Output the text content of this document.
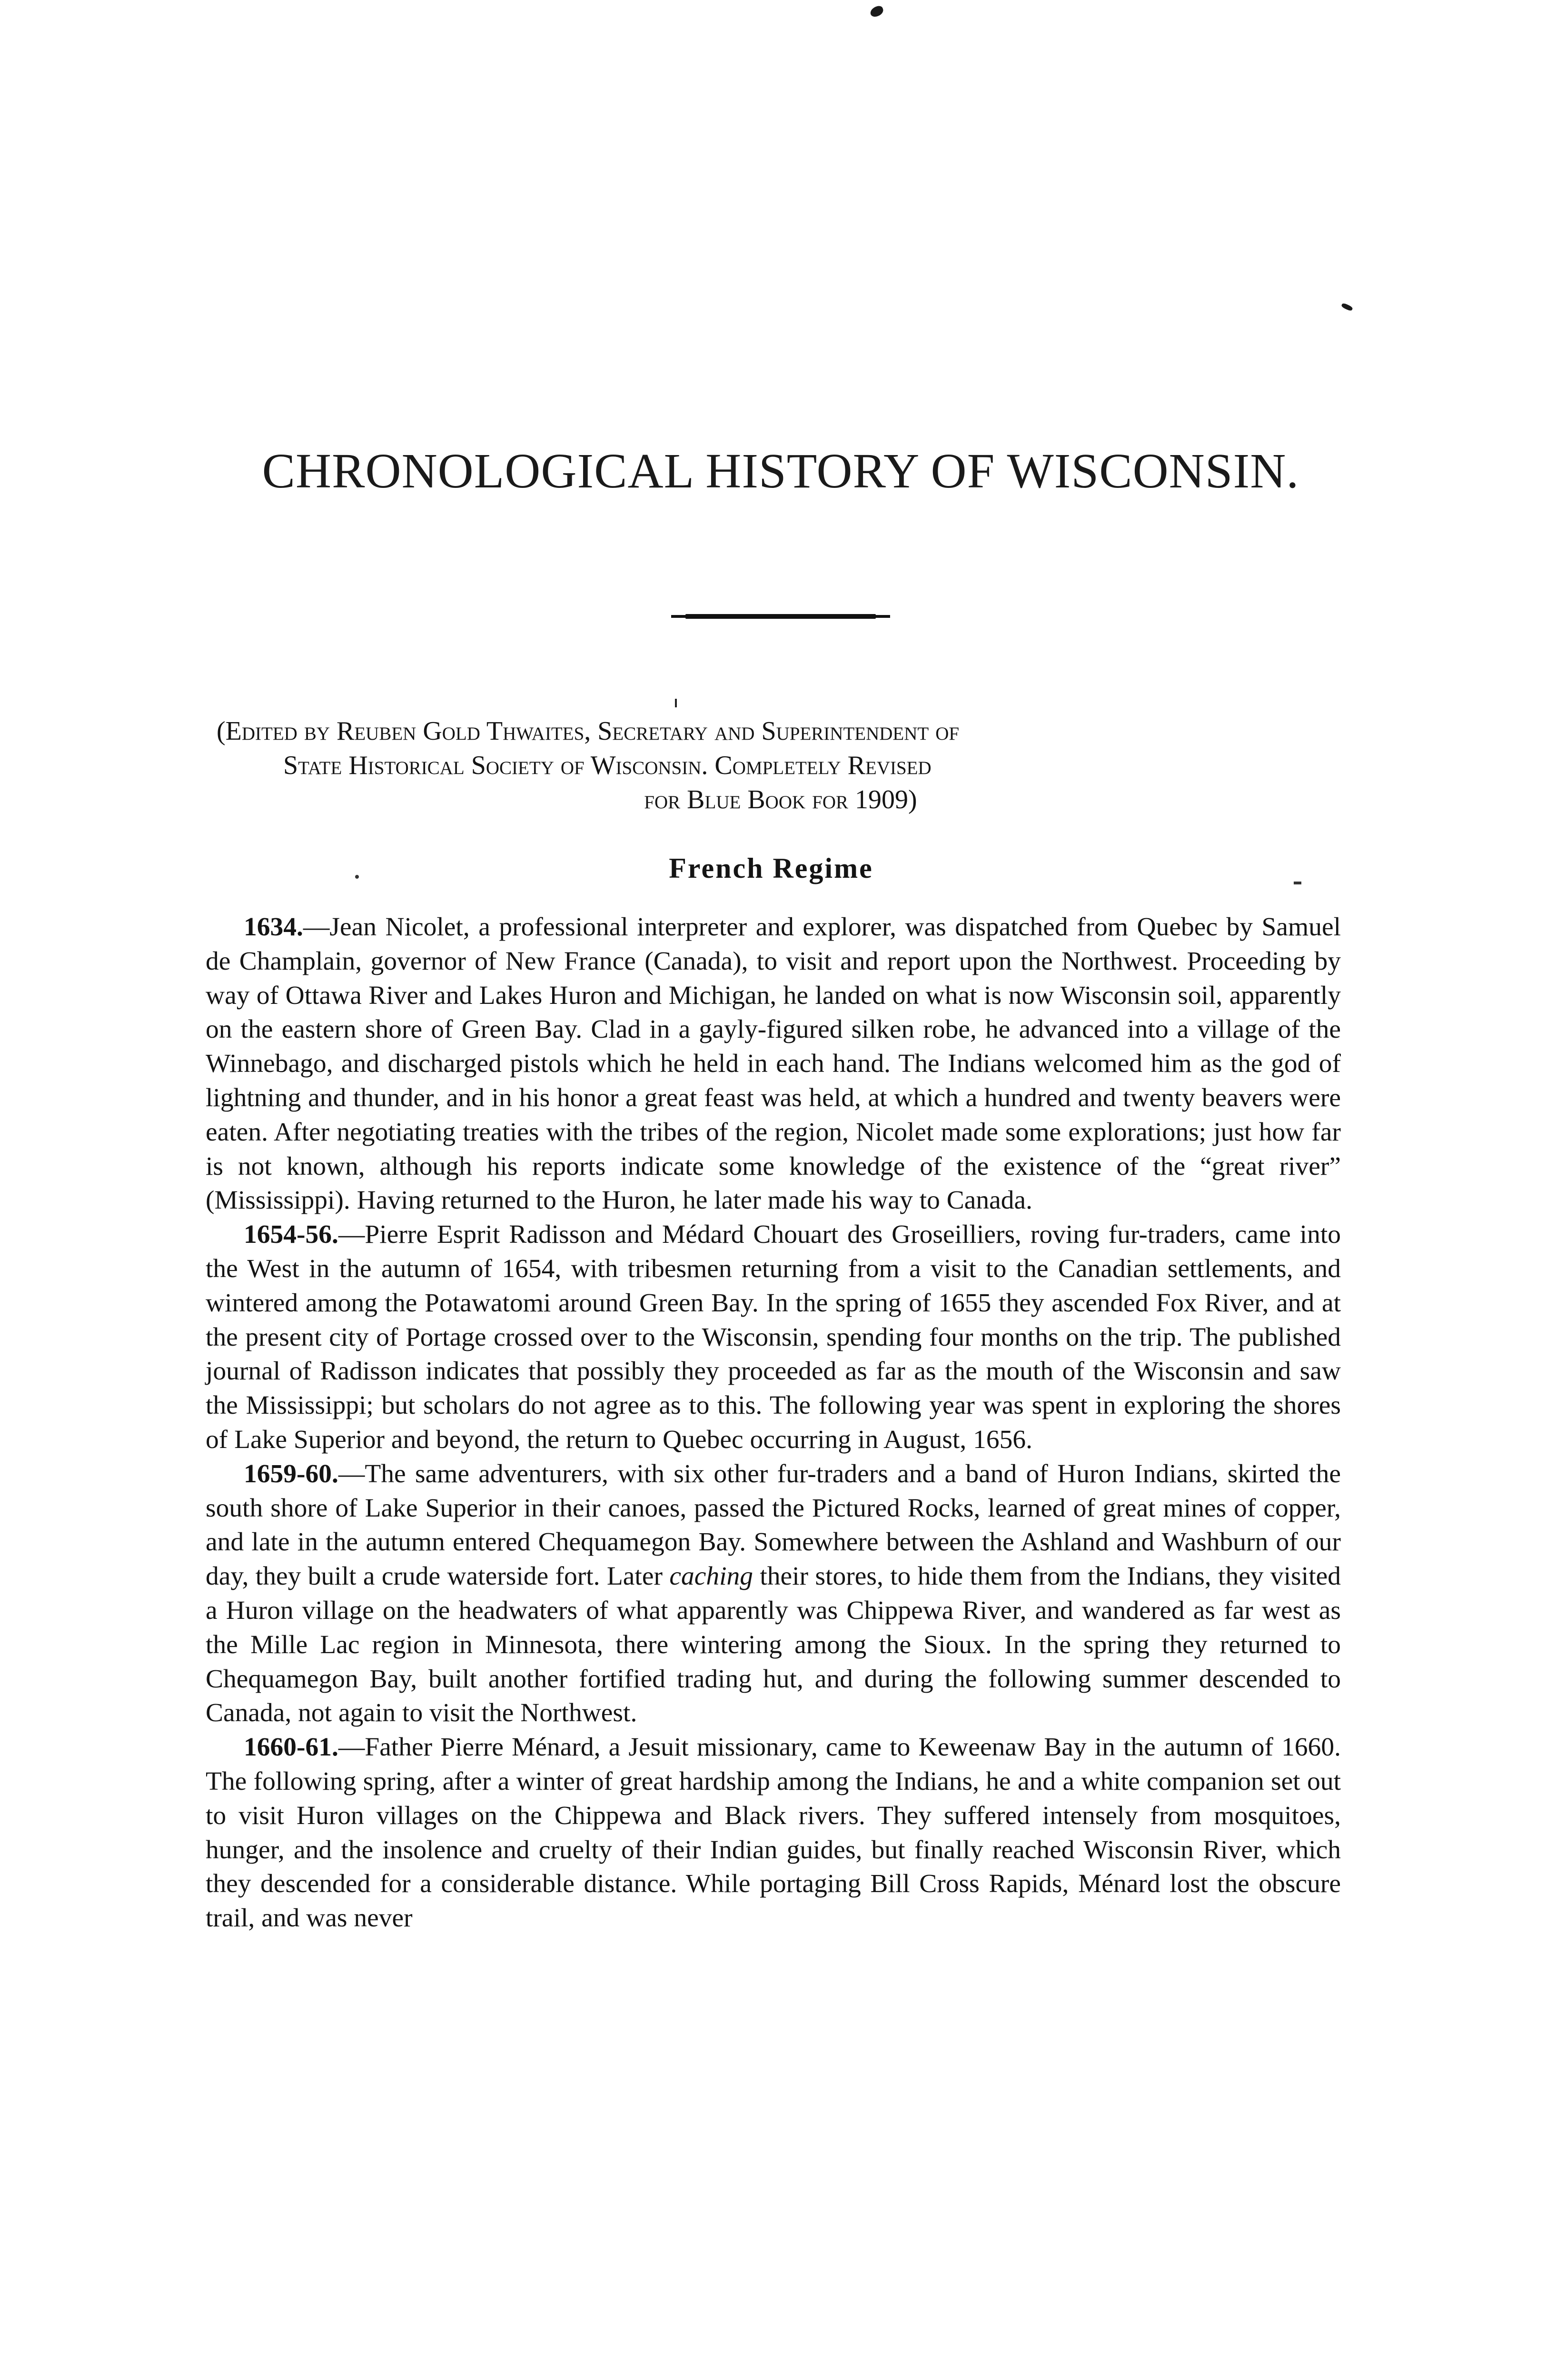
CHRONOLOGICAL HISTORY OF WISCONSIN.

(Edited by Reuben Gold Thwaites, Secretary and Superintendent of
State Historical Society of Wisconsin. Completely Revised
for Blue Book for 1909)

French Regime

1634.—Jean Nicolet, a professional interpreter and explorer, was dispatched from Quebec by Samuel de Champlain, governor of New France (Canada), to visit and report upon the Northwest. Proceeding by way of Ottawa River and Lakes Huron and Michigan, he landed on what is now Wisconsin soil, apparently on the eastern shore of Green Bay. Clad in a gayly-figured silken robe, he advanced into a village of the Winnebago, and discharged pistols which he held in each hand. The Indians welcomed him as the god of lightning and thunder, and in his honor a great feast was held, at which a hundred and twenty beavers were eaten. After negotiating treaties with the tribes of the region, Nicolet made some explorations; just how far is not known, although his reports indicate some knowledge of the existence of the “great river” (Mississippi). Having returned to the Huron, he later made his way to Canada.

1654-56.—Pierre Esprit Radisson and Médard Chouart des Groseilliers, roving fur-traders, came into the West in the autumn of 1654, with tribesmen returning from a visit to the Canadian settlements, and wintered among the Potawatomi around Green Bay. In the spring of 1655 they ascended Fox River, and at the present city of Portage crossed over to the Wisconsin, spending four months on the trip. The published journal of Radisson indicates that possibly they proceeded as far as the mouth of the Wisconsin and saw the Mississippi; but scholars do not agree as to this. The following year was spent in exploring the shores of Lake Superior and beyond, the return to Quebec occurring in August, 1656.

1659-60.—The same adventurers, with six other fur-traders and a band of Huron Indians, skirted the south shore of Lake Superior in their canoes, passed the Pictured Rocks, learned of great mines of copper, and late in the autumn entered Chequamegon Bay. Somewhere between the Ashland and Washburn of our day, they built a crude waterside fort. Later caching their stores, to hide them from the Indians, they visited a Huron village on the headwaters of what apparently was Chippewa River, and wandered as far west as the Mille Lac region in Minnesota, there wintering among the Sioux. In the spring they returned to Chequamegon Bay, built another fortified trading hut, and during the following summer descended to Canada, not again to visit the Northwest.

1660-61.—Father Pierre Ménard, a Jesuit missionary, came to Keweenaw Bay in the autumn of 1660. The following spring, after a winter of great hardship among the Indians, he and a white companion set out to visit Huron villages on the Chippewa and Black rivers. They suffered intensely from mosquitoes, hunger, and the insolence and cruelty of their Indian guides, but finally reached Wisconsin River, which they descended for a considerable distance. While portaging Bill Cross Rapids, Ménard lost the obscure trail, and was never
